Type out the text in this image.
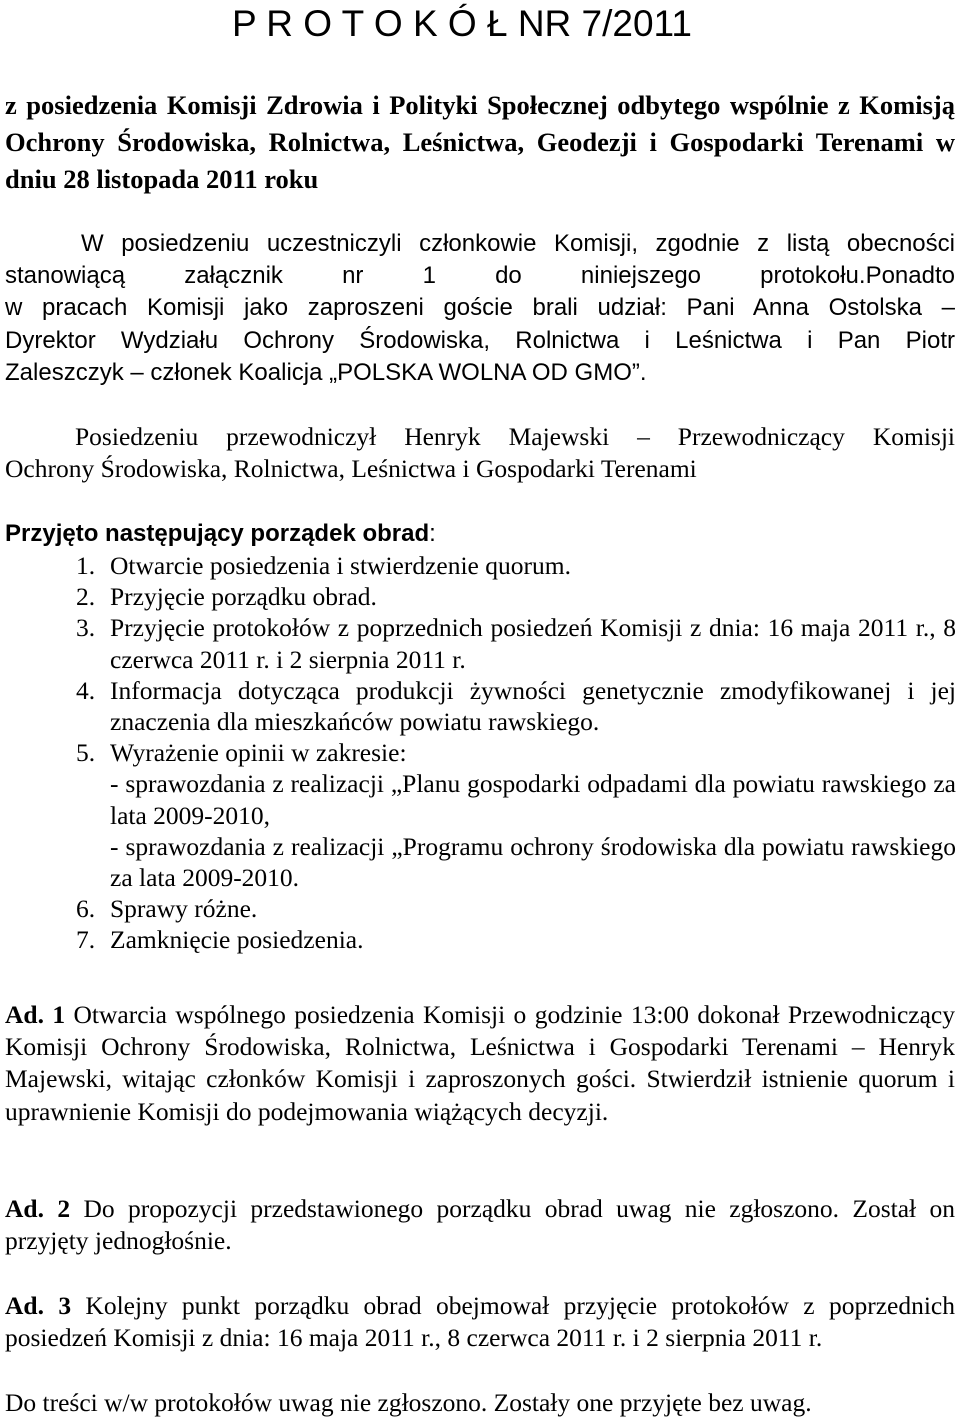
P R O T O K Ó Ł NR 7/2011
z posiedzenia Komisji Zdrowia i Polityki Społecznej odbytego wspólnie z Komisją Ochrony Środowiska, Rolnictwa, Leśnictwa, Geodezji i Gospodarki Terenami w dniu 28 listopada 2011 roku
W posiedzeniu uczestniczyli członkowie Komisji, zgodnie z listą obecności
stanowiącą załącznik nr 1 do niniejszego protokołu. Ponadto
w pracach Komisji jako zaproszeni goście brali udział: Pani Anna Ostolska –
Dyrektor Wydziału Ochrony Środowiska, Rolnictwa i Leśnictwa i Pan Piotr
Zaleszczyk – członek Koalicja „POLSKA WOLNA OD GMO”.
Posiedzeniu przewodniczył Henryk Majewski – Przewodniczący Komisji
Ochrony Środowiska, Rolnictwa, Leśnictwa i Gospodarki Terenami
Przyjęto następujący porządek obrad:
1. Otwarcie posiedzenia i stwierdzenie quorum.
2. Przyjęcie porządku obrad.
3. Przyjęcie protokołów z poprzednich posiedzeń Komisji z dnia: 16 maja 2011 r., 8 czerwca 2011 r. i 2 sierpnia 2011 r.
4. Informacja dotycząca produkcji żywności genetycznie zmodyfikowanej i jej znaczenia dla mieszkańców powiatu rawskiego.
5. Wyrażenie opinii w zakresie:
- sprawozdania z realizacji „Planu gospodarki odpadami dla powiatu rawskiego za lata 2009-2010,
- sprawozdania z realizacji „Programu ochrony środowiska dla powiatu rawskiego za lata 2009-2010.
6. Sprawy różne.
7. Zamknięcie posiedzenia.
Ad. 1 Otwarcia wspólnego posiedzenia Komisji o godzinie 13:00 dokonał Przewodniczący Komisji Ochrony Środowiska, Rolnictwa, Leśnictwa i Gospodarki Terenami – Henryk Majewski, witając członków Komisji i zaproszonych gości. Stwierdził istnienie quorum i uprawnienie Komisji do podejmowania wiążących decyzji.
Ad. 2 Do propozycji przedstawionego porządku obrad uwag nie zgłoszono. Został on przyjęty jednogłośnie.
Ad. 3 Kolejny punkt porządku obrad obejmował przyjęcie protokołów z poprzednich posiedzeń Komisji z dnia: 16 maja 2011 r., 8 czerwca 2011 r. i 2 sierpnia 2011 r.
Do treści w/w protokołów uwag nie zgłoszono. Zostały one przyjęte bez uwag.
